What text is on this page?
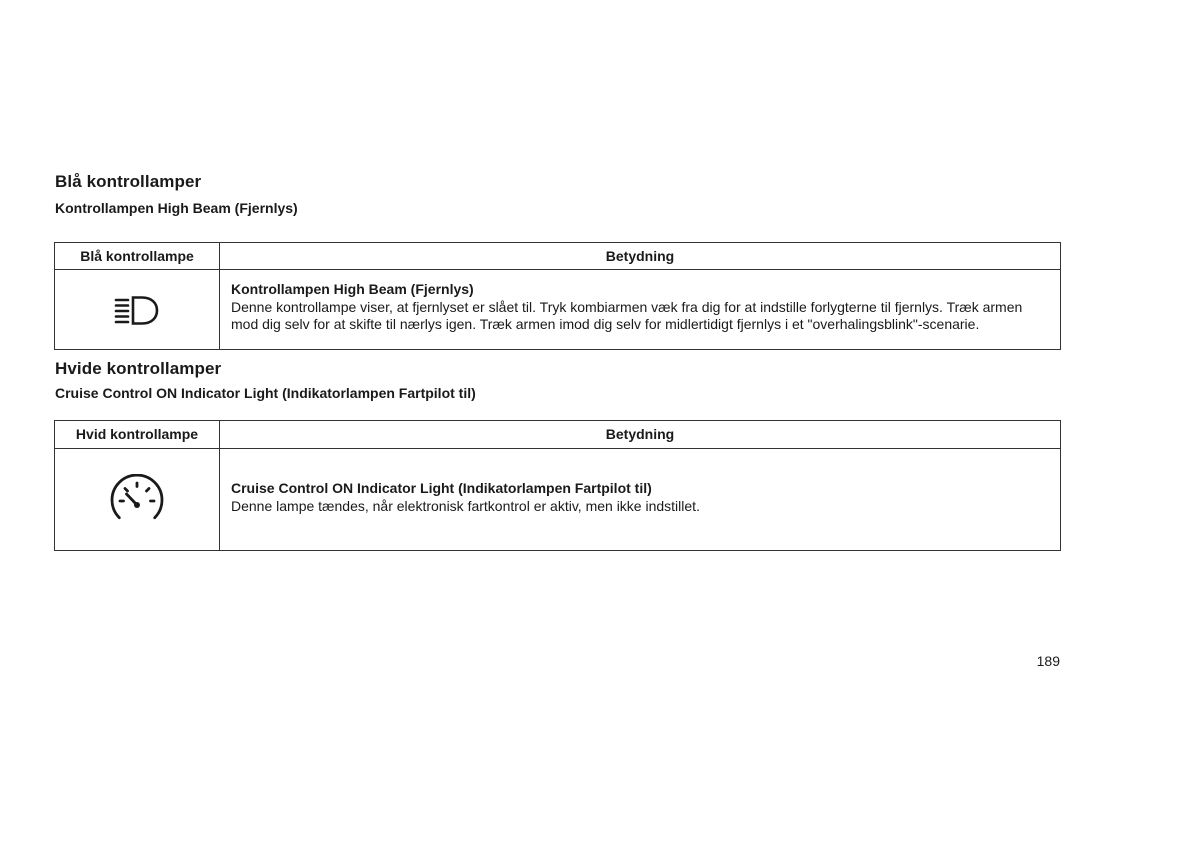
Blå kontrollamper
Kontrollampen High Beam (Fjernlys)
Blå kontrollampe	Betydning

Kontrollampen High Beam (Fjernlys)
Denne kontrollampe viser, at fjernlyset er slået til. Tryk kombiarmen væk fra dig for at indstille forlygterne til fjernlys. Træk armen mod dig selv for at skifte til nærlys igen. Træk armen imod dig selv for midlertidigt fjernlys i et "overhalingsblink"-scenarie.
Hvide kontrollamper
Cruise Control ON Indicator Light (Indikatorlampen Fartpilot til)
Hvid kontrollampe	Betydning

Cruise Control ON Indicator Light (Indikatorlampen Fartpilot til)
Denne lampe tændes, når elektronisk fartkontrol er aktiv, men ikke indstillet.
189
